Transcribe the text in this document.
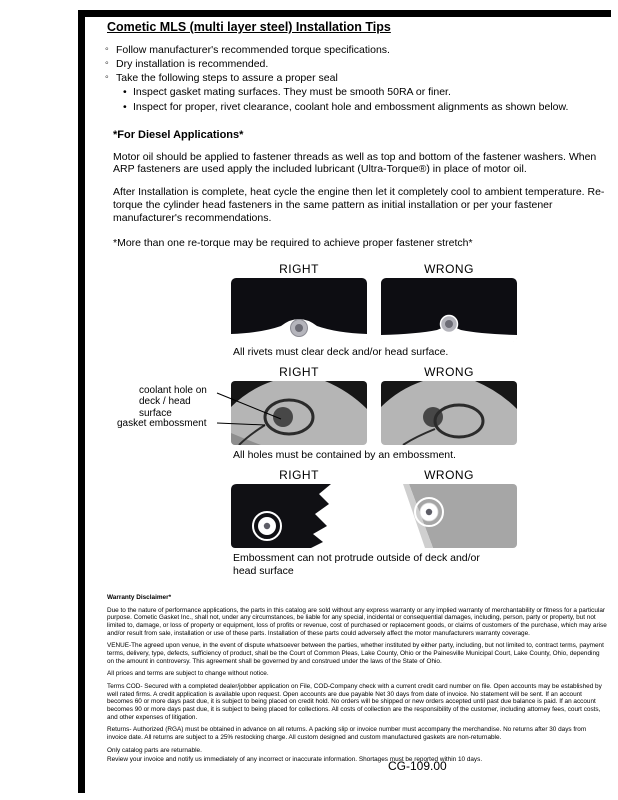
Cometic MLS (multi layer steel) Installation Tips
◦ Follow manufacturer's recommended torque specifications.
◦ Dry installation is recommended.
◦ Take the following steps to assure a proper seal
• Inspect gasket mating surfaces. They must be smooth 50RA or finer.
• Inspect for proper, rivet clearance, coolant hole and embossment alignments as shown below.
*For Diesel Applications*
Motor oil should be applied to fastener threads as well as top and bottom of the fastener washers. When ARP fasteners are used apply the included lubricant (Ultra-Torque®) in place of motor oil.
After Installation is complete, heat cycle the engine then let it completely cool to ambient temperature. Re-torque the cylinder head fasteners in the same pattern as initial installation or per your fastener manufacturer's recommendations.
*More than one re-torque may be required to achieve proper fastener stretch*
RIGHT	WRONG
All rivets must clear deck and/or head surface.
coolant hole on deck / head surface
gasket embossment
RIGHT	WRONG
All holes must be contained by an embossment.
RIGHT	WRONG
Embossment can not protrude outside of deck and/or head surface
Warranty Disclaimer*

Due to the nature of performance applications, the parts in this catalog are sold without any express warranty or any implied warranty of merchantability or fitness for a particular purpose. Cometic Gasket Inc., shall not, under any circumstances, be liable for any special, incidental or consequential damages, including, person, party or property, but not limited to, damage, or loss of property or equipment, loss of profits or revenue, cost of purchased or replacement goods, or claims of customers of the purchase, which may arise and/or result from sale, installation or use of these parts. Installation of these parts could adversely affect the motor manufacturers warranty coverage.

VENUE-The agreed upon venue, in the event of dispute whatsoever between the parties, whether instituted by either party, including, but not limited to, contract terms, payment terms, delivery, type, defects, sufficiency of product, shall be the Court of Common Pleas, Lake County, Ohio or the Painesville Municipal Court, Lake County, Ohio, depending on the amount in controversy. This agreement shall be governed by and construed under the laws of the State of Ohio.

All prices and terms are subject to change without notice.

Terms COD- Secured with a completed dealer/jobber application on File, COD-Company check with a current credit card number on file. Open accounts may be established by well rated firms. A credit application is available upon request. Open accounts are due payable Net 30 days from date of invoice. No statement will be sent. If an account becomes 60 or more days past due, it is subject to being placed on credit hold. No orders will be shipped or new orders accepted until past due balance is paid. If an account becomes 90 or more days past due, it is subject to being placed for collections. All costs of collection are the responsibility of the customer, including attorney fees, court costs, and other expenses of litigation.

Returns- Authorized (RGA) must be obtained in advance on all returns. A packing slip or invoice number must accompany the merchandise. No returns after 30 days from invoice date. All returns are subject to a 25% restocking charge. All custom designed and custom manufactured gaskets are non-returnable.

Only catalog parts are returnable.

Review your invoice and notify us immediately of any incorrect or inaccurate information. Shortages must be reported within 10 days.

CG-109.00
